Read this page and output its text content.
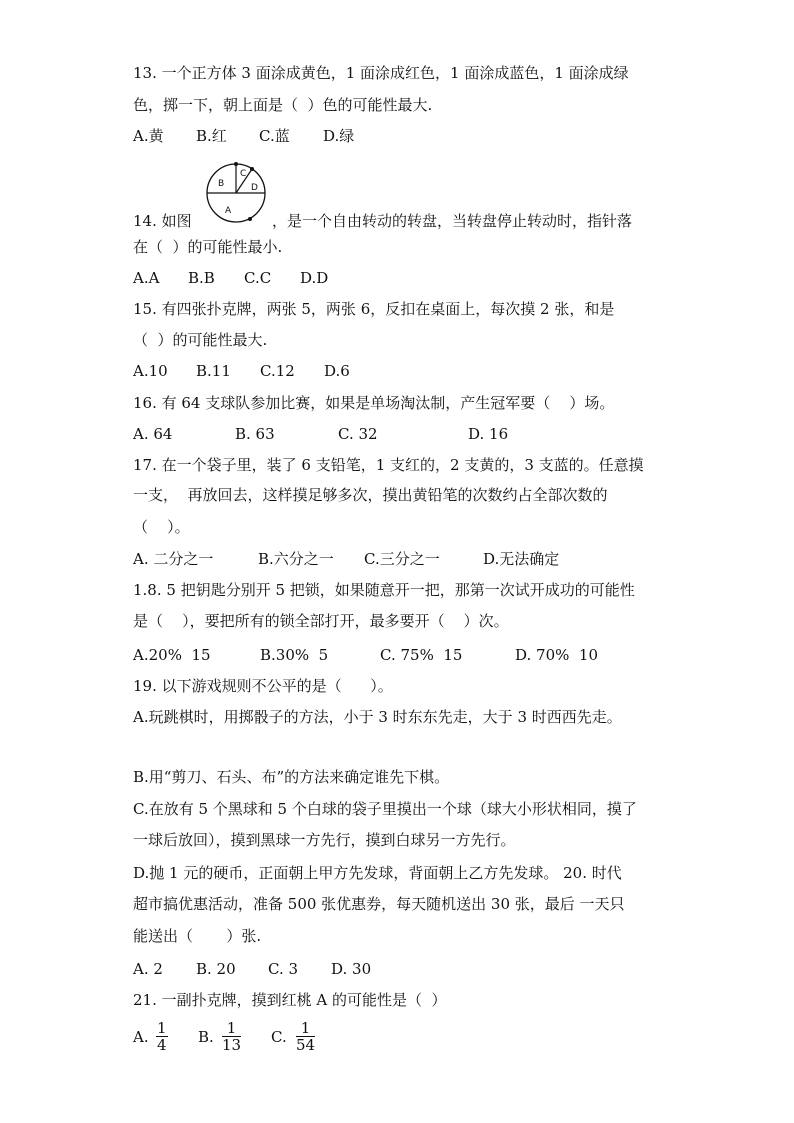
13. 一个正方体 3 面涂成黄色，1 面涂成红色，1 面涂成蓝色，1 面涂成绿
色，掷一下，朝上面是（  ）色的可能性最大.
A.黄 B.红 C.蓝 D.绿
A
B
C
D
14. 如图	，是一个自由转动的转盘，当转盘停止转动时，指针落
在（  ）的可能性最小.
A.A B.B C.C D.D
15. 有四张扑克牌，两张 5，两张 6，反扣在桌面上，每次摸 2 张，和是
（  ）的可能性最大.
A.10 B.11 C.12 D.6
16. 有 64 支球队参加比赛，如果是单场淘汰制，产生冠军要（    ）场。
A. 64	B. 63	C. 32	D. 16
17. 在一个袋子里，装了 6 支铅笔，1 支红的，2 支黄的，3 支蓝的。任意摸
一支，  再放回去，这样摸足够多次，摸出黄铅笔的次数约占全部次数的
（    ）。
A. 二分之一	B.六分之一 C.三分之一	D.无法确定
1.8. 5 把钥匙分别开 5 把锁，如果随意开一把，那第一次试开成功的可能性
是（    ），要把所有的锁全部打开，最多要开（    ）次。
A.20%  15	B.30%  5	C. 75%  15	D. 70%  10
19. 以下游戏规则不公平的是（      ）。
A.玩跳棋时，用掷骰子的方法，小于 3 时东东先走，大于 3 时西西先走。
B.用“剪刀、石头、布”的方法来确定谁先下棋。
C.在放有 5 个黑球和 5 个白球的袋子里摸出一个球（球大小形状相同，摸了
一球后放回），摸到黑球一方先行，摸到白球另一方先行。
D.抛 1 元的硬币，正面朝上甲方先发球，背面朝上乙方先发球。 20. 时代
超市搞优惠活动，准备 500 张优惠券，每天随机送出 30 张，最后 一天只
能送出（       ）张.
A. 2 B. 20 C. 3 D. 30
21. 一副扑克牌，摸到红桃 A 的可能性是（  ）
A. $\frac{1}{4} B$. $\frac{1}{13} C$. $\frac{1}{54}$
